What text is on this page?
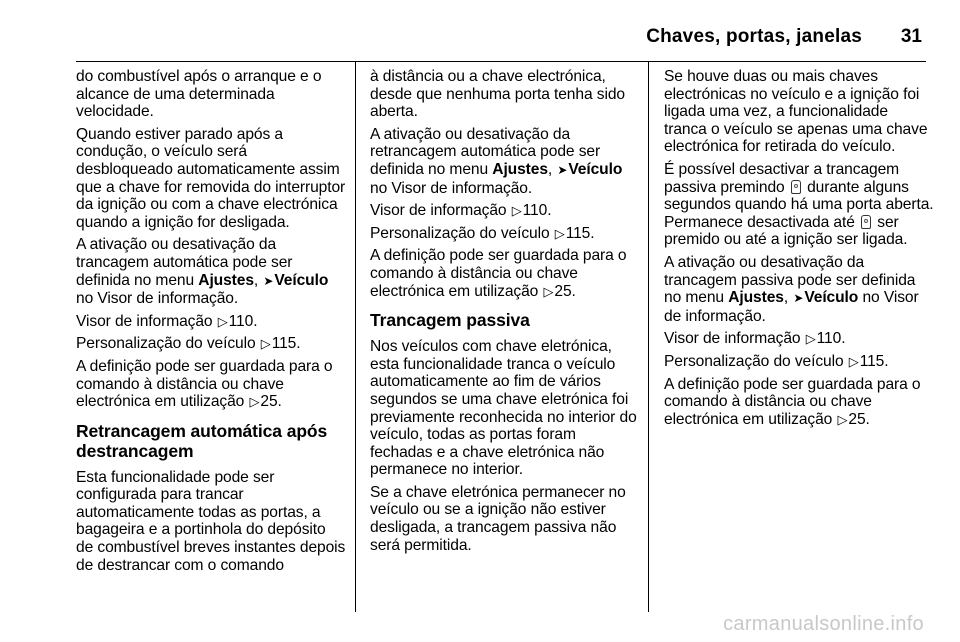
Chaves, portas, janelas 31

do combustível após o arranque e o alcance de uma determinada velocidade.

Quando estiver parado após a condução, o veículo será desbloqueado automaticamente assim que a chave for removida do interruptor da ignição ou com a chave electrónica quando a ignição for desligada.

A ativação ou desativação da trancagem automática pode ser definida no menu Ajustes, ➤Veículo no Visor de informação.

Visor de informação ▷110.

Personalização do veículo ▷115.

A definição pode ser guardada para o comando à distância ou chave electrónica em utilização ▷25.

Retrancagem automática após destrancagem

Esta funcionalidade pode ser configurada para trancar automaticamente todas as portas, a bagageira e a portinhola do depósito de combustível breves instantes depois de destrancar com o comando

à distância ou a chave electrónica, desde que nenhuma porta tenha sido aberta.

A ativação ou desativação da retrancagem automática pode ser definida no menu Ajustes, ➤Veículo no Visor de informação.

Visor de informação ▷110.

Personalização do veículo ▷115.

A definição pode ser guardada para o comando à distância ou chave electrónica em utilização ▷25.

Trancagem passiva

Nos veículos com chave eletrónica, esta funcionalidade tranca o veículo automaticamente ao fim de vários segundos se uma chave eletrónica foi previamente reconhecida no interior do veículo, todas as portas foram fechadas e a chave eletrónica não permanece no interior.

Se a chave eletrónica permanecer no veículo ou se a ignição não estiver desligada, a trancagem passiva não será permitida.

Se houve duas ou mais chaves electrónicas no veículo e a ignição foi ligada uma vez, a funcionalidade tranca o veículo se apenas uma chave electrónica for retirada do veículo.

É possível desactivar a trancagem passiva premindo durante alguns segundos quando há uma porta aberta. Permanece desactivada até ser premido ou até a ignição ser ligada.

A ativação ou desativação da trancagem passiva pode ser definida no menu Ajustes, ➤Veículo no Visor de informação.

Visor de informação ▷110.

Personalização do veículo ▷115.

A definição pode ser guardada para o comando à distância ou chave electrónica em utilização ▷25.

carmanualsonline.info
